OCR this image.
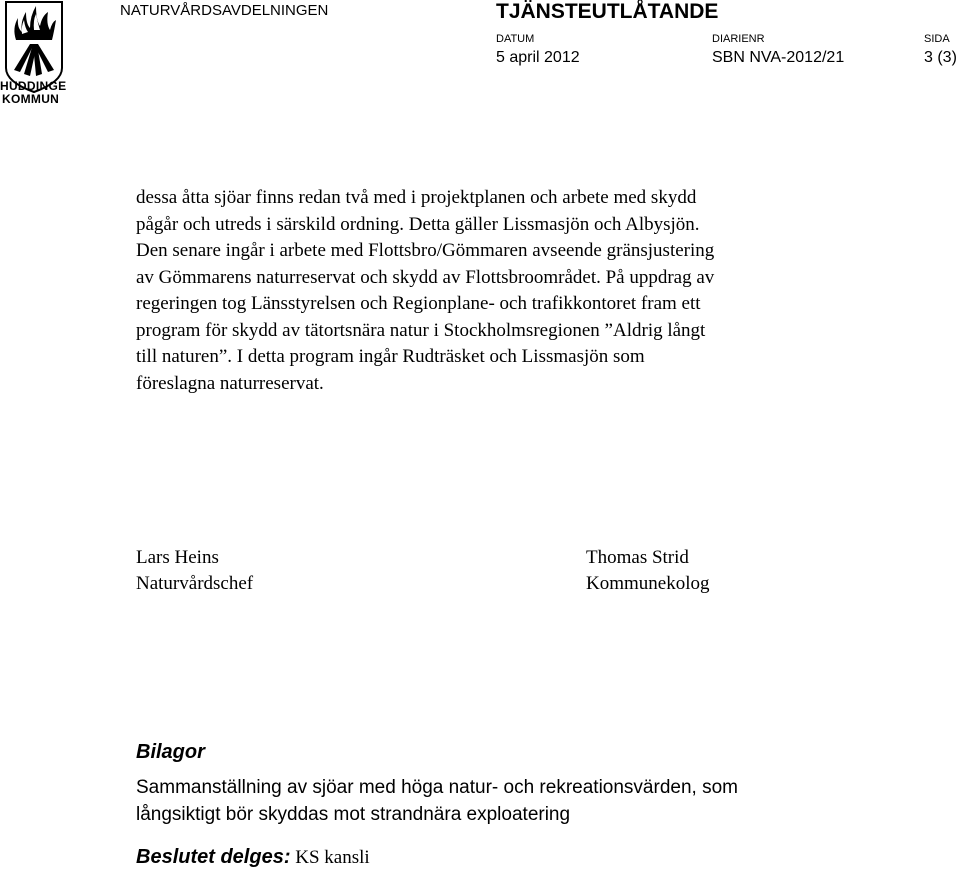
HUDDINGE
KOMMUN
NATURVÅRDSAVDELNINGEN	TJÄNSTEUTLÅTANDE
DATUM	DIARIENR	SIDA
5 april 2012	SBN NVA-2012/21	3 (3)
dessa åtta sjöar finns redan två med i projektplanen och arbete med skydd
pågår och utreds i särskild ordning. Detta gäller Lissmasjön och Albysjön.
Den senare ingår i arbete med Flottsbro/Gömmaren avseende gränsjustering
av Gömmarens naturreservat och skydd av Flottsbroområdet. På uppdrag av
regeringen tog Länsstyrelsen och Regionplane- och trafikkontoret fram ett
program för skydd av tätortsnära natur i Stockholmsregionen ”Aldrig långt
till naturen”. I detta program ingår Rudträsket och Lissmasjön som
föreslagna naturreservat.
Lars Heins
Naturvårdschef
Thomas Strid
Kommunekolog
Bilagor
Sammanställning av sjöar med höga natur- och rekreationsvärden, som
långsiktigt bör skyddas mot strandnära exploatering
Beslutet delges: KS kansli
